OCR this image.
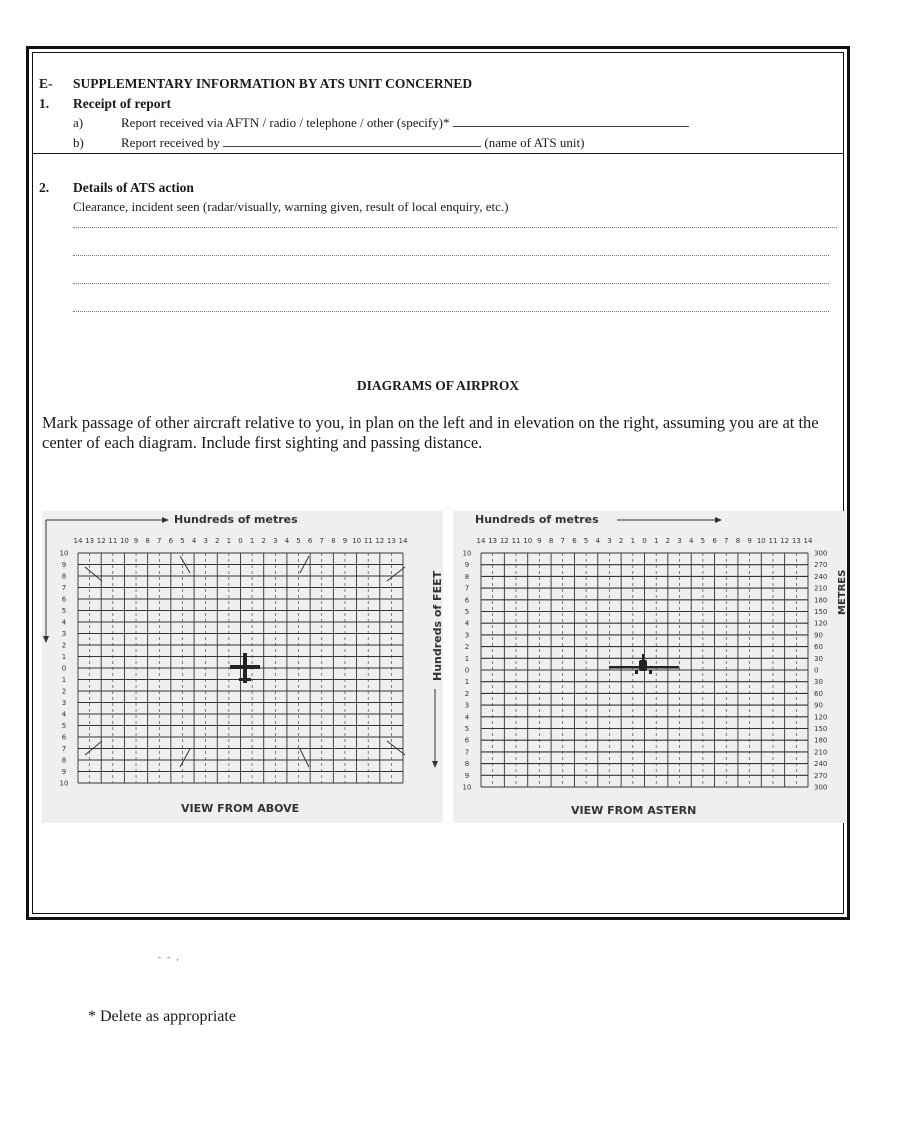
E- SUPPLEMENTARY INFORMATION BY ATS UNIT CONCERNED
1. Receipt of report
a)	Report received via AFTN / radio / telephone / other (specify)*
b)	Report received by	(name of ATS unit)
2. Details of ATS action
Clearance, incident seen (radar/visually, warning given, result of local enquiry, etc.)
DIAGRAMS OF AIRPROX
Mark passage of other aircraft relative to you, in plan on the left and in elevation on the right, assuming you are at the center of each diagram. Include first sighting and passing distance.
Hundreds of metres
VIEW FROM ABOVE
14 13 12 11 10 9 8 7 6 5 4 3 2 1 0 1 2 3 4 5 6 7 8 9 10 11 12 13 14
10
9
8
7
6
5
4
3
2
1
0
1
2
3
4
5
6
7
8
9
10
Hundreds of metres
VIEW FROM ASTERN
Hundreds of FEET	METRES
14 13 12 11 10 9 8 7 6 5 4 3 2 1 0 1 2 3 4 5 6 7 8 9 10 11 12 13 14
10
9
8
7
6
5
4
3
2
1
0
1
2
3
4
5
6
7
8
9
10
300
270
240
210
180
150
120
90
60
30
0
30
60
90
120
150
180
210
240
270
300
- - ,
* Delete as appropriate
